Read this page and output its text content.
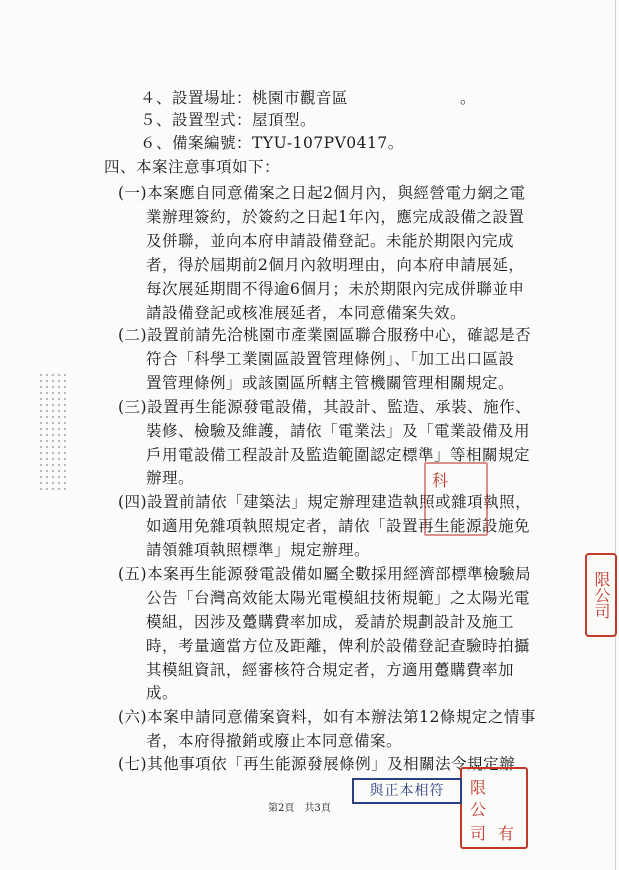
４、設置場址：桃園市觀音區　　　　　　　。
５、設置型式：屋頂型。
６、備案編號：TYU-107PV0417。
四、本案注意事項如下：
(一)本案應自同意備案之日起2個月內，與經營電力網之電
業辦理簽約，於簽約之日起1年內，應完成設備之設置
及併聯，並向本府申請設備登記。未能於期限內完成
者，得於屆期前2個月內敘明理由，向本府申請展延，
每次展延期間不得逾6個月；未於期限內完成併聯並申
請設備登記或核准展延者，本同意備案失效。
(二)設置前請先洽桃園市產業園區聯合服務中心，確認是否
符合「科學工業園區設置管理條例」、「加工出口區設
置管理條例」或該園區所轄主管機關管理相關規定。
(三)設置再生能源發電設備，其設計、監造、承裝、施作、
裝修、檢驗及維護，請依「電業法」及「電業設備及用
戶用電設備工程設計及監造範圍認定標準」等相關規定
辦理。
(四)設置前請依「建築法」規定辦理建造執照或雜項執照，
如適用免雜項執照規定者，請依「設置再生能源設施免
請領雜項執照標準」規定辦理。
(五)本案再生能源發電設備如屬全數採用經濟部標準檢驗局
公告「台灣高效能太陽光電模組技術規範」之太陽光電
模組，因涉及躉購費率加成，爰請於規劃設計及施工
時，考量適當方位及距離，俾利於設備登記查驗時拍攝
其模組資訊，經審核符合規定者，方適用躉購費率加
成。
(六)本案申請同意備案資料，如有本辦法第12條規定之情事
者，本府得撤銷或廢止本同意備案。
(七)其他事項依「再生能源發展條例」及相關法令規定辦
限公司
科
限
公
司 有
與正本相符
第2頁　共3頁
